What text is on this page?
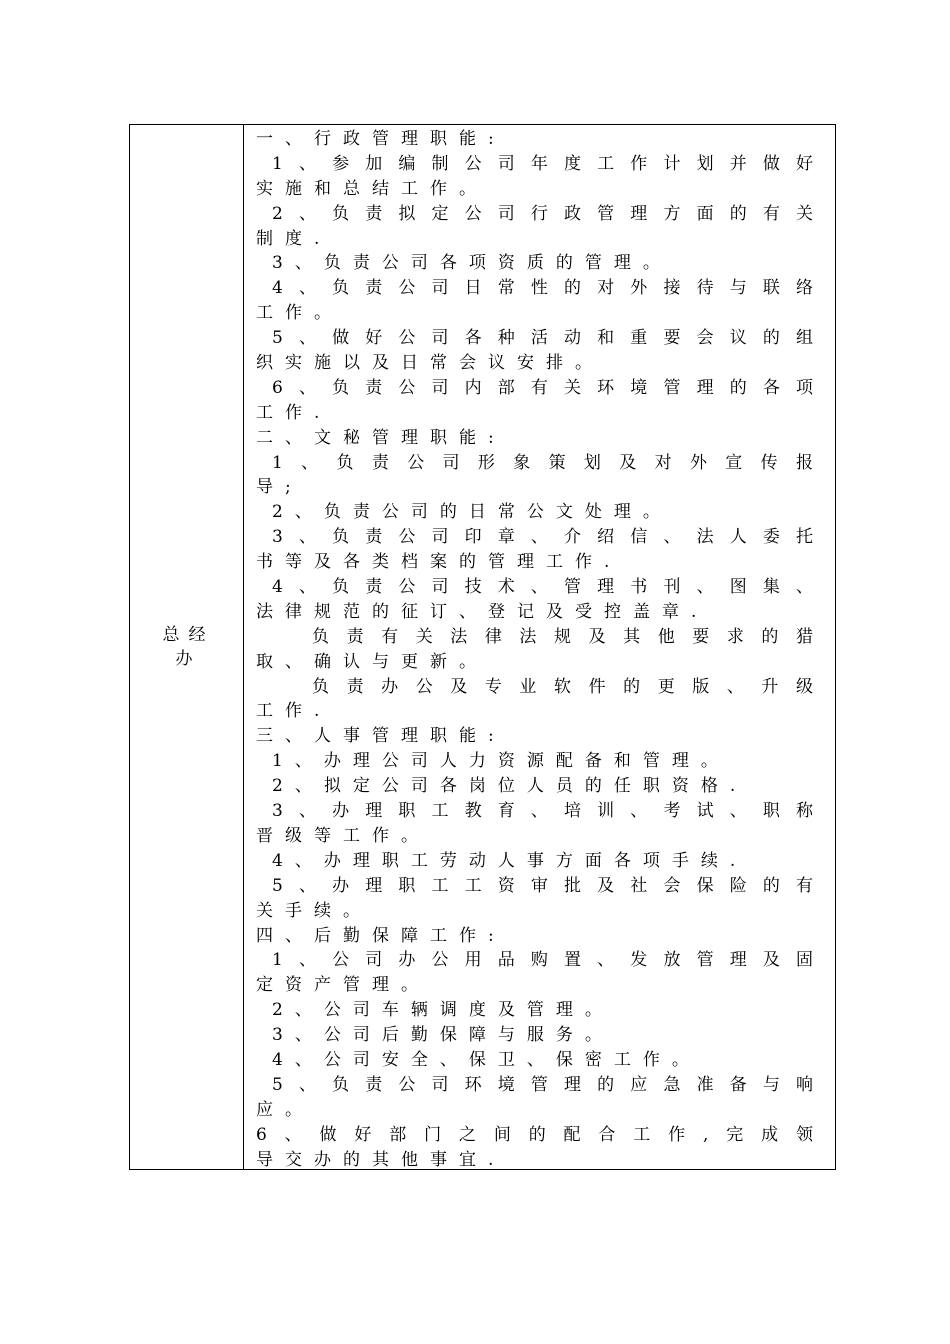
总经办
一、行政管理职能:
1、参加编制公司年度工作计划并做好
实施和总结工作。
2、负责拟定公司行政管理方面的有关
制度.
3、负责公司各项资质的管理。
4、负责公司日常性的对外接待与联络
工作。
5、做好公司各种活动和重要会议的组
织实施以及日常会议安排。
6、负责公司内部有关环境管理的各项
工作.
二、文秘管理职能:
1、负责公司形象策划及对外宣传报
导;
2、负责公司的日常公文处理。
3、负责公司印章、介绍信、法人委托
书等及各类档案的管理工作.
4、负责公司技术、管理书刊、图集、
法律规范的征订、登记及受控盖章.
负责有关法律法规及其他要求的猎
取、确认与更新。
负责办公及专业软件的更版、升级
工作.
三、人事管理职能:
1、办理公司人力资源配备和管理。
2、拟定公司各岗位人员的任职资格.
3、办理职工教育、培训、考试、职称
晋级等工作。
4、办理职工劳动人事方面各项手续.
5、办理职工工资审批及社会保险的有
关手续。
四、后勤保障工作:
1、公司办公用品购置、发放管理及固
定资产管理。
2、公司车辆调度及管理。
3、公司后勤保障与服务。
4、公司安全、保卫、保密工作。
5、负责公司环境管理的应急准备与响
应。
6、做好部门之间的配合工作,完成领
导交办的其他事宜.
